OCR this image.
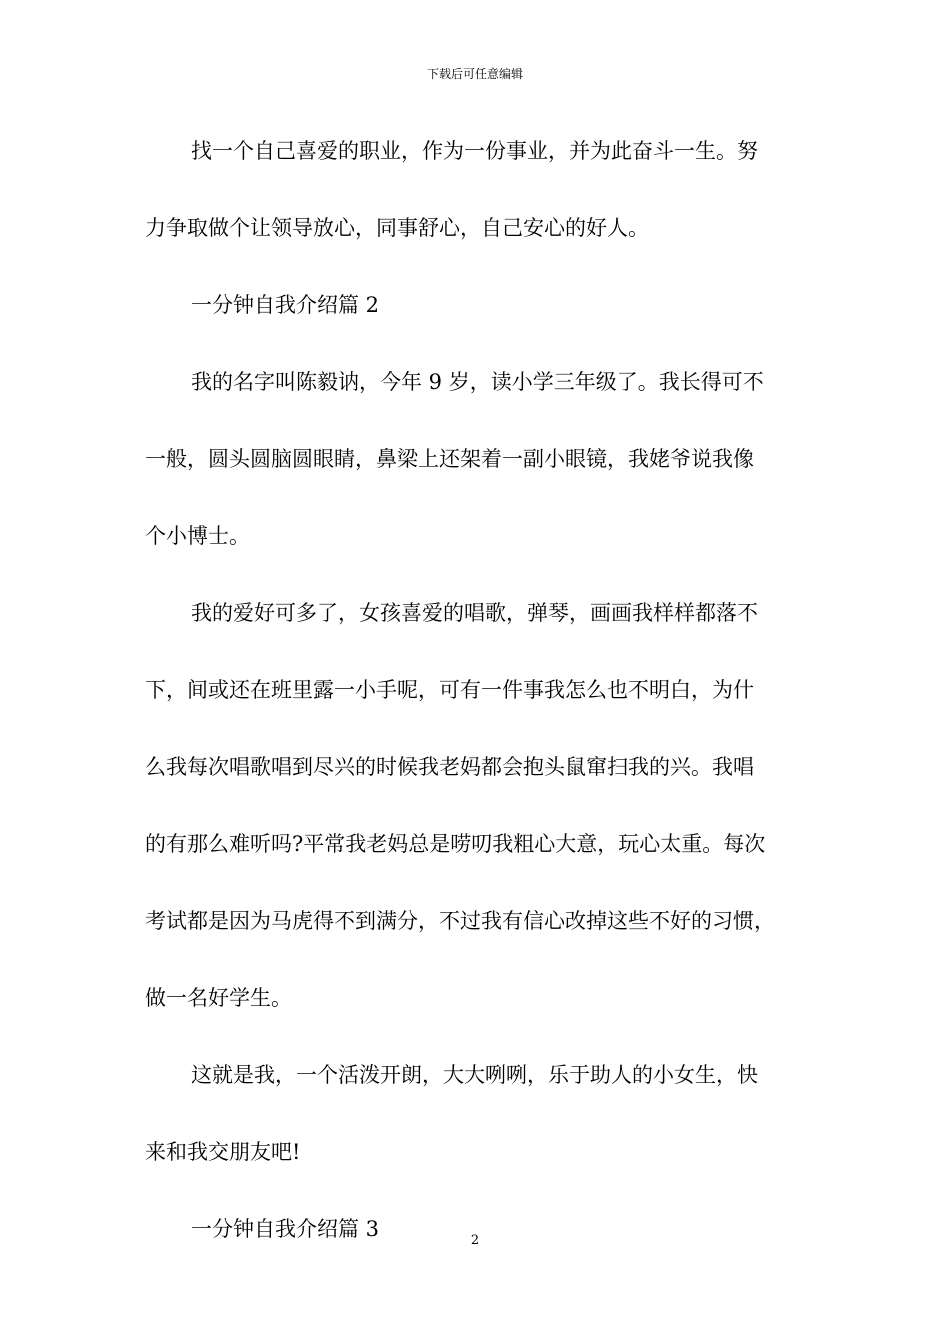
下载后可任意编辑
找一个自己喜爱的职业，作为一份事业，并为此奋斗一生。努
力争取做个让领导放心，同事舒心，自己安心的好人。
一分钟自我介绍篇 2
我的名字叫陈毅讷，今年 9 岁，读小学三年级了。我长得可不
一般，圆头圆脑圆眼睛，鼻梁上还架着一副小眼镜，我姥爷说我像
个小博士。
我的爱好可多了，女孩喜爱的唱歌，弹琴，画画我样样都落不
下，间或还在班里露一小手呢，可有一件事我怎么也不明白，为什
么我每次唱歌唱到尽兴的时候我老妈都会抱头鼠窜扫我的兴。我唱
的有那么难听吗?平常我老妈总是唠叨我粗心大意，玩心太重。每次
考试都是因为马虎得不到满分，不过我有信心改掉这些不好的习惯，
做一名好学生。
这就是我，一个活泼开朗，大大咧咧，乐于助人的小女生，快
来和我交朋友吧!
一分钟自我介绍篇 3	2
